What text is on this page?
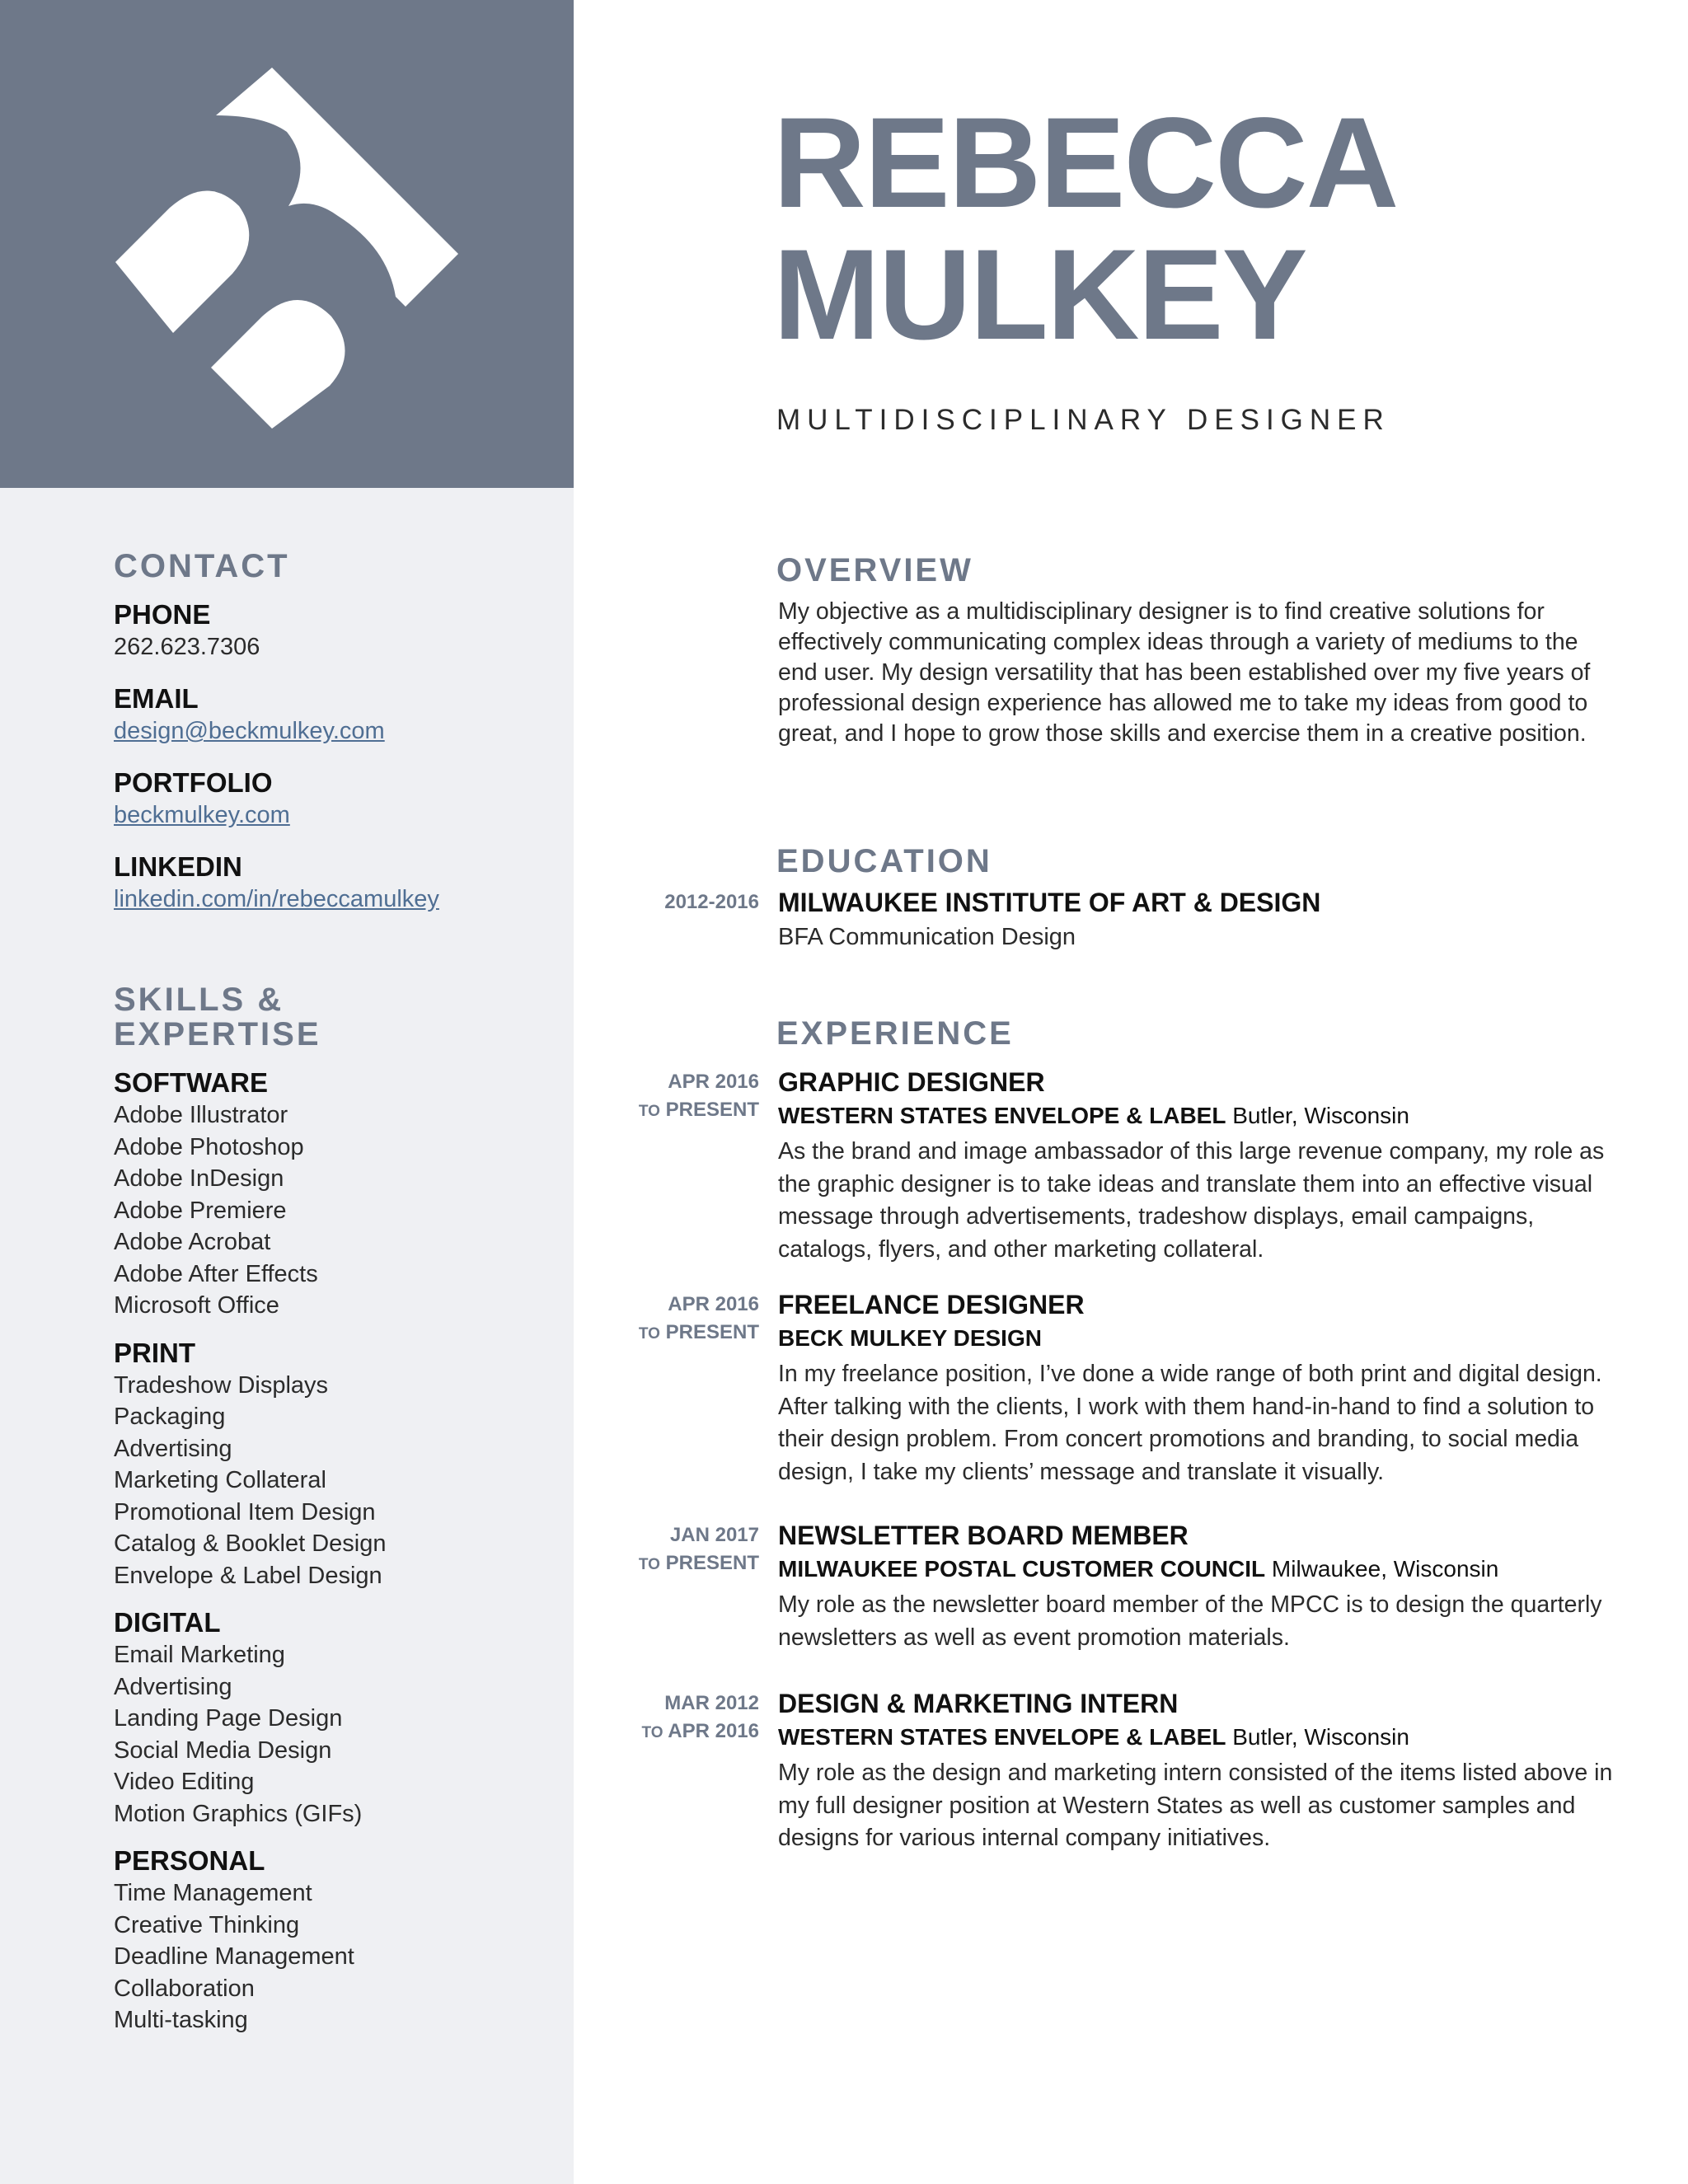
REBECCA
MULKEY
MULTIDISCIPLINARY DESIGNER
CONTACT
PHONE
262.623.7306
EMAIL
design@beckmulkey.com
PORTFOLIO
beckmulkey.com
LINKEDIN
linkedin.com/in/rebeccamulkey
SKILLS &
EXPERTISE
SOFTWARE
Adobe Illustrator
Adobe Photoshop
Adobe InDesign
Adobe Premiere
Adobe Acrobat
Adobe After Effects
Microsoft Office
PRINT
Tradeshow Displays
Packaging
Advertising
Marketing Collateral
Promotional Item Design
Catalog & Booklet Design
Envelope & Label Design
DIGITAL
Email Marketing
Advertising
Landing Page Design
Social Media Design
Video Editing
Motion Graphics (GIFs)
PERSONAL
Time Management
Creative Thinking
Deadline Management
Collaboration
Multi-tasking
OVERVIEW

My objective as a multidisciplinary designer is to find creative solutions for effectively communicating complex ideas through a variety of mediums to the end user. My design versatility that has been established over my five years of professional design experience has allowed me to take my ideas from good to great, and I hope to grow those skills and exercise them in a creative position.

EDUCATION
2012-2016 MILWAUKEE INSTITUTE OF ART & DESIGN
BFA Communication Design
EXPERIENCE
APR 2016
TO PRESENT
GRAPHIC DESIGNER
WESTERN STATES ENVELOPE & LABEL Butler, Wisconsin

As the brand and image ambassador of this large revenue company, my role as the graphic designer is to take ideas and translate them into an effective visual message through advertisements, tradeshow displays, email campaigns, catalogs, flyers, and other marketing collateral.

APR 2016
TO PRESENT
FREELANCE DESIGNER
BECK MULKEY DESIGN

In my freelance position, I’ve done a wide range of both print and digital design. After talking with the clients, I work with them hand-in-hand to find a solution to their design problem. From concert promotions and branding, to social media design, I take my clients’ message and translate it visually.

JAN 2017
TO PRESENT
NEWSLETTER BOARD MEMBER
MILWAUKEE POSTAL CUSTOMER COUNCIL Milwaukee, Wisconsin

My role as the newsletter board member of the MPCC is to design the quarterly newsletters as well as event promotion materials.

MAR 2012
TO APR 2016
DESIGN & MARKETING INTERN
WESTERN STATES ENVELOPE & LABEL Butler, Wisconsin

My role as the design and marketing intern consisted of the items listed above in my full designer position at Western States as well as customer samples and designs for various internal company initiatives.
